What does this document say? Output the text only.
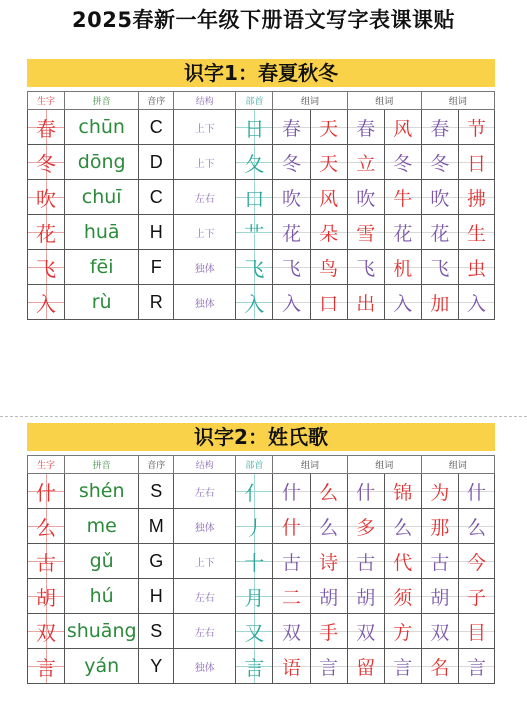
2025春新一年级下册语文写字表课课贴
识字1：春夏秋冬
生字	拼音	音序	结构	部首	组词		组词		组词	
春	chūn	C	上下	日	春	天	春	风	春	节
冬	dōng	D	上下	夂	冬	天	立	冬	冬	日
吹	chuī	C	左右	口	吹	风	吹	牛	吹	拂
花	huā	H	上下	艹	花	朵	雪	花	花	生
飞	fēi	F	独体	飞	飞	鸟	飞	机	飞	虫
入	rù	R	独体	入	入	口	出	入	加	入
识字2：姓氏歌
生字	拼音	音序	结构	部首	组词		组词		组词	
什	shén	S	左右	亻	什	么	什	锦	为	什
么	me	M	独体	丿	什	么	多	么	那	么
古	gǔ	G	上下	十	古	诗	古	代	古	今
胡	hú	H	左右	月	二	胡	胡	须	胡	子
双	shuāng	S	左右	又	双	手	双	方	双	目
言	yán	Y	独体	言	语	言	留	言	名	言
